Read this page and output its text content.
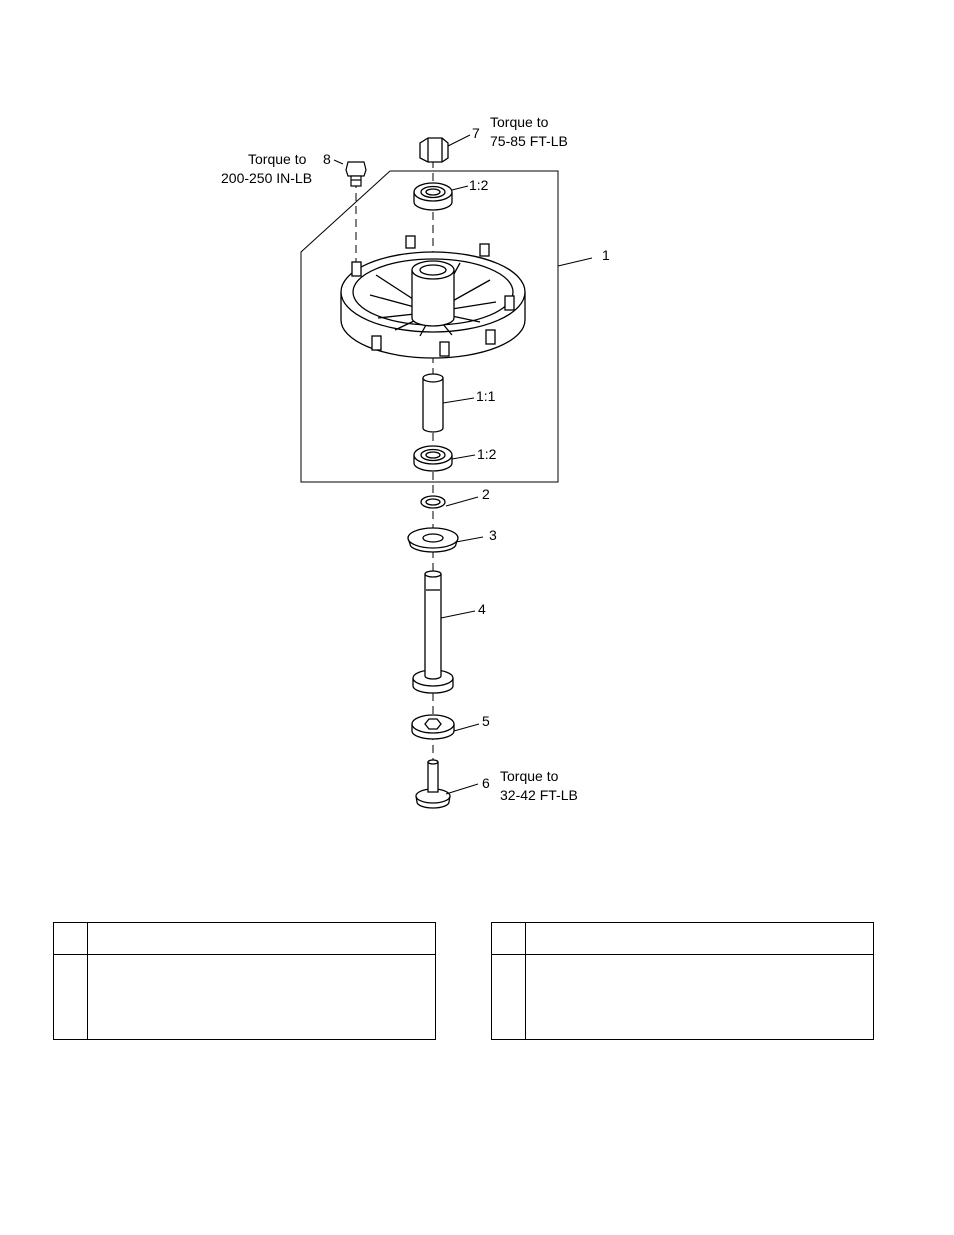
1
1:1
1:2
1:2
2
3
4
5
6
7
8
Torque to
75-85 FT-LB
Torque to
200-250 IN-LB
Torque to
32-42 FT-LB
